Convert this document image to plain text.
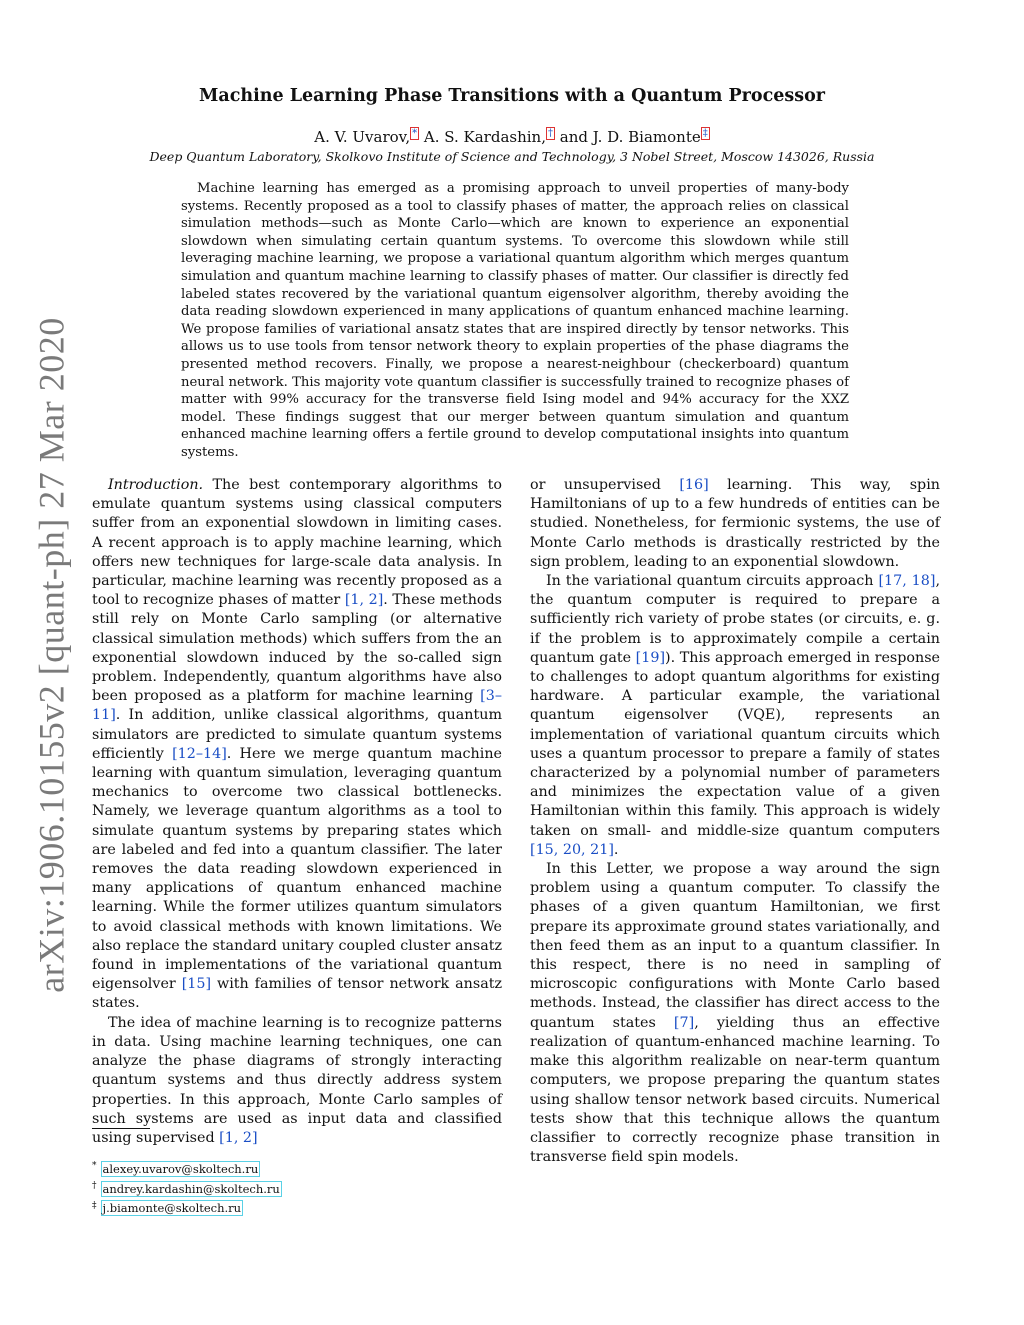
arXiv:1906.10155v2 [quant-ph] 27 Mar 2020
Machine Learning Phase Transitions with a Quantum Processor
A. V. Uvarov, * A. S. Kardashin, † and J. D. Biamonte ‡
Deep Quantum Laboratory, Skolkovo Institute of Science and Technology, 3 Nobel Street, Moscow 143026, Russia

Machine learning has emerged as a promising approach to unveil properties of many-body systems. Recently proposed as a tool to classify phases of matter, the approach relies on classical simulation methods—such as Monte Carlo—which are known to experience an exponential slowdown when simulating certain quantum systems. To overcome this slowdown while still leveraging machine learning, we propose a variational quantum algorithm which merges quantum simulation and quantum machine learning to classify phases of matter. Our classifier is directly fed labeled states recovered by the variational quantum eigensolver algorithm, thereby avoiding the data reading slowdown experienced in many applications of quantum enhanced machine learning. We propose families of variational ansatz states that are inspired directly by tensor networks. This allows us to use tools from tensor network theory to explain properties of the phase diagrams the presented method recovers. Finally, we propose a nearest-neighbour (checkerboard) quantum neural network. This majority vote quantum classifier is successfully trained to recognize phases of matter with 99% accuracy for the transverse field Ising model and 94% accuracy for the XXZ model. These findings suggest that our merger between quantum simulation and quantum enhanced machine learning offers a fertile ground to develop computational insights into quantum systems.

Introduction. The best contemporary algorithms to emulate quantum systems using classical computers suffer from an exponential slowdown in limiting cases. A recent approach is to apply machine learning, which offers new techniques for large-scale data analysis. In particular, machine learning was recently proposed as a tool to recognize phases of matter [1, 2]. These methods still rely on Monte Carlo sampling (or alternative classical simulation methods) which suffers from the an exponential slowdown induced by the so-called sign problem. Independently, quantum algorithms have also been proposed as a platform for machine learning [3–11]. In addition, unlike classical algorithms, quantum simulators are predicted to simulate quantum systems efficiently [12–14]. Here we merge quantum machine learning with quantum simulation, leveraging quantum mechanics to overcome two classical bottlenecks. Namely, we leverage quantum algorithms as a tool to simulate quantum systems by preparing states which are labeled and fed into a quantum classifier. The later removes the data reading slowdown experienced in many applications of quantum enhanced machine learning. While the former utilizes quantum simulators to avoid classical methods with known limitations. We also replace the standard unitary coupled cluster ansatz found in implementations of the variational quantum eigensolver [15] with families of tensor network ansatz states.

The idea of machine learning is to recognize patterns in data. Using machine learning techniques, one can analyze the phase diagrams of strongly interacting quantum systems and thus directly address system properties. In this approach, Monte Carlo samples of such systems are used as input data and classified using supervised [1, 2]

or unsupervised [16] learning. This way, spin Hamiltonians of up to a few hundreds of entities can be studied. Nonetheless, for fermionic systems, the use of Monte Carlo methods is drastically restricted by the sign problem, leading to an exponential slowdown.

In the variational quantum circuits approach [17, 18], the quantum computer is required to prepare a sufficiently rich variety of probe states (or circuits, e. g. if the problem is to approximately compile a certain quantum gate [19]). This approach emerged in response to challenges to adopt quantum algorithms for existing hardware. A particular example, the variational quantum eigensolver (VQE), represents an implementation of variational quantum circuits which uses a quantum processor to prepare a family of states characterized by a polynomial number of parameters and minimizes the expectation value of a given Hamiltonian within this family. This approach is widely taken on small- and middle-size quantum computers [15, 20, 21].

In this Letter, we propose a way around the sign problem using a quantum computer. To classify the phases of a given quantum Hamiltonian, we first prepare its approximate ground states variationally, and then feed them as an input to a quantum classifier. In this respect, there is no need in sampling of microscopic configurations with Monte Carlo based methods. Instead, the classifier has direct access to the quantum states [7], yielding thus an effective realization of quantum-enhanced machine learning. To make this algorithm realizable on near-term quantum computers, we propose preparing the quantum states using shallow tensor network based circuits. Numerical tests show that this technique allows the quantum classifier to correctly recognize phase transition in transverse field spin models.

* alexey.uvarov@skoltech.ru
† andrey.kardashin@skoltech.ru
‡ j.biamonte@skoltech.ru
